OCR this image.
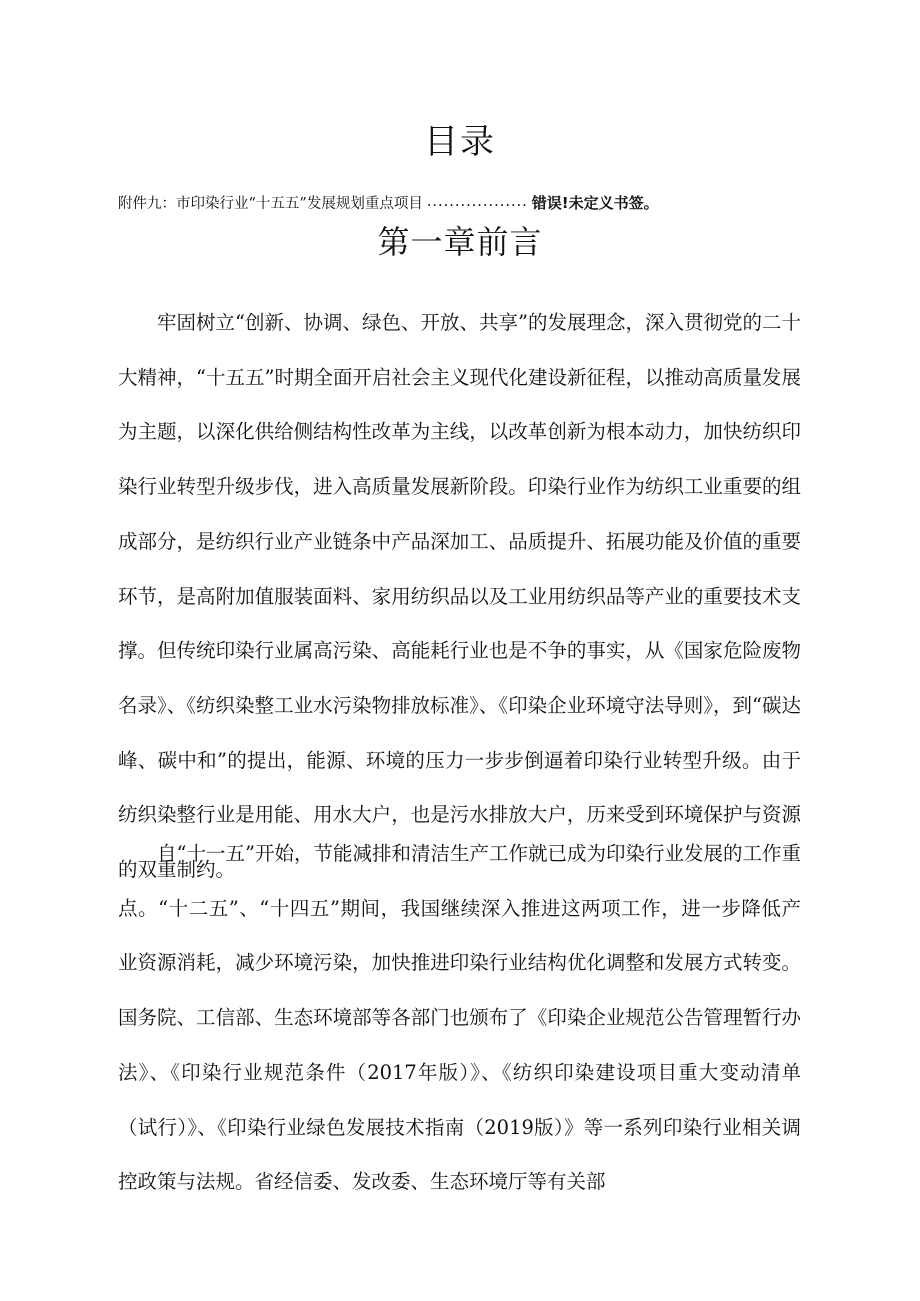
目录
附件九：市印染行业“十五五”发展规划重点项目 .................. 错误!未定义书签。
第一章前言

牢固树立“创新、协调、绿色、开放、共享”的发展理念，深入贯彻党的二十大精神，“十五五”时期全面开启社会主义现代化建设新征程，以推动高质量发展为主题，以深化供给侧结构性改革为主线，以改革创新为根本动力，加快纺织印染行业转型升级步伐，进入高质量发展新阶段。印染行业作为纺织工业重要的组成部分，是纺织行业产业链条中产品深加工、品质提升、拓展功能及价值的重要环节，是高附加值服装面料、家用纺织品以及工业用纺织品等产业的重要技术支撑。但传统印染行业属高污染、高能耗行业也是不争的事实，从《国家危险废物名录》、《纺织染整工业水污染物排放标准》、《印染企业环境守法导则》，到“碳达峰、碳中和”的提出，能源、环境的压力一步步倒逼着印染行业转型升级。由于纺织染整行业是用能、用水大户，也是污水排放大户，历来受到环境保护与资源的双重制约。

自“十一五”开始，节能减排和清洁生产工作就已成为印染行业发展的工作重点。“十二五”、“十四五”期间，我国继续深入推进这两项工作，进一步降低产业资源消耗，减少环境污染，加快推进印染行业结构优化调整和发展方式转变。国务院、工信部、生态环境部等各部门也颁布了《印染企业规范公告管理暂行办法》、《印染行业规范条件（2017年版）》、《纺织印染建设项目重大变动清单（试行）》、《印染行业绿色发展技术指南（2019版）》等一系列印染行业相关调控政策与法规。省经信委、发改委、生态环境厅等有关部
